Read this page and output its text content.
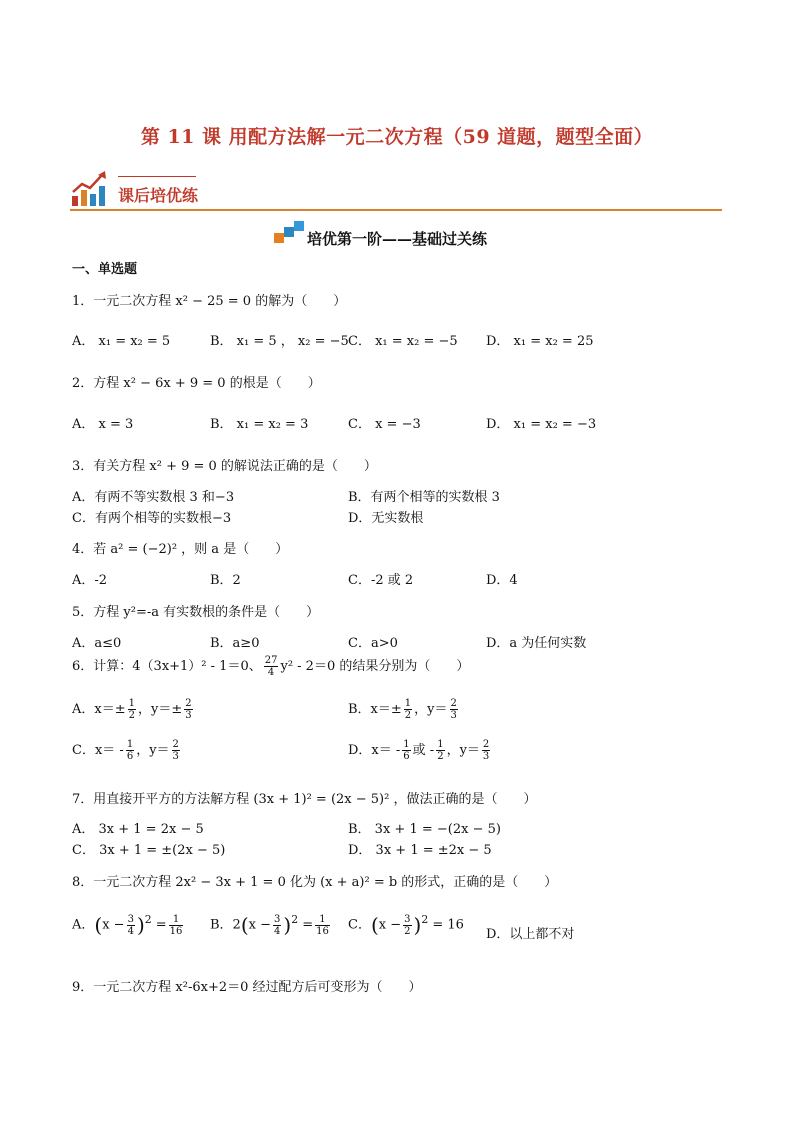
第 11 课 用配方法解一元二次方程（59 道题，题型全面）
课后培优练
培优第一阶——基础过关练
一、单选题
1．一元二次方程 x² − 25 = 0 的解为（　　）
A． x₁ = x₂ = 5	B． x₁ = 5 ， x₂ = −5 C． x₁ = x₂ = −5 D． x₁ = x₂ = 25
2．方程 x² − 6x + 9 = 0 的根是（　　）
A． x = 3	B． x₁ = x₂ = 3	C． x = −3	D． x₁ = x₂ = −3
3．有关方程 x² + 9 = 0 的解说法正确的是（　　）
A．有两不等实数根 3 和−3	B．有两个相等的实数根 3
C．有两个相等的实数根−3	D．无实数根
4．若 a² = (−2)² ，则 a 是（　　）
A．-2	B．2	C．-2 或 2	D．4
5．方程 y²=-a 有实数根的条件是（　　）
A．a≤0	B．a≥0	C．a>0	D．a 为任何实数
6．计算：4（3x+1）² - 1＝0、 $\frac{27}{4} y^2 - 2=0$ 的结果分别为（　　）
A．$x=\pm \frac{1}{2}$ ，$y=\pm \frac{2}{3}$	B．$x=\pm \frac{1}{2}$ ，$y= \frac{2}{3}$
C．$x= - \frac{1}{6}$ ，$y= \frac{2}{3}$	D．$x= - \frac{1}{6}$ 或 - $\frac{1}{2}$ ，$y= \frac{2}{3}$
7．用直接开平方的方法解方程 (3x + 1)² = (2x − 5)² ，做法正确的是（　　）
A． 3x + 1 = 2x − 5	B． 3x + 1 = −(2x − 5)
C． 3x + 1 = ±(2x − 5)	D． 3x + 1 = ±2x − 5
8．一元二次方程 2x² − 3x + 1 = 0 化为 (x + a)² = b 的形式，正确的是（　　）
A．$(x - \frac{3}{4} )^2 = \frac{1}{16}$ B．$2(x - \frac{3}{4} )^2 = \frac{1}{16}$ C．$(x - \frac{3}{2} )^2 = 16$
D．以上都不对
9．一元二次方程 x²-6x+2＝0 经过配方后可变形为（　　）
